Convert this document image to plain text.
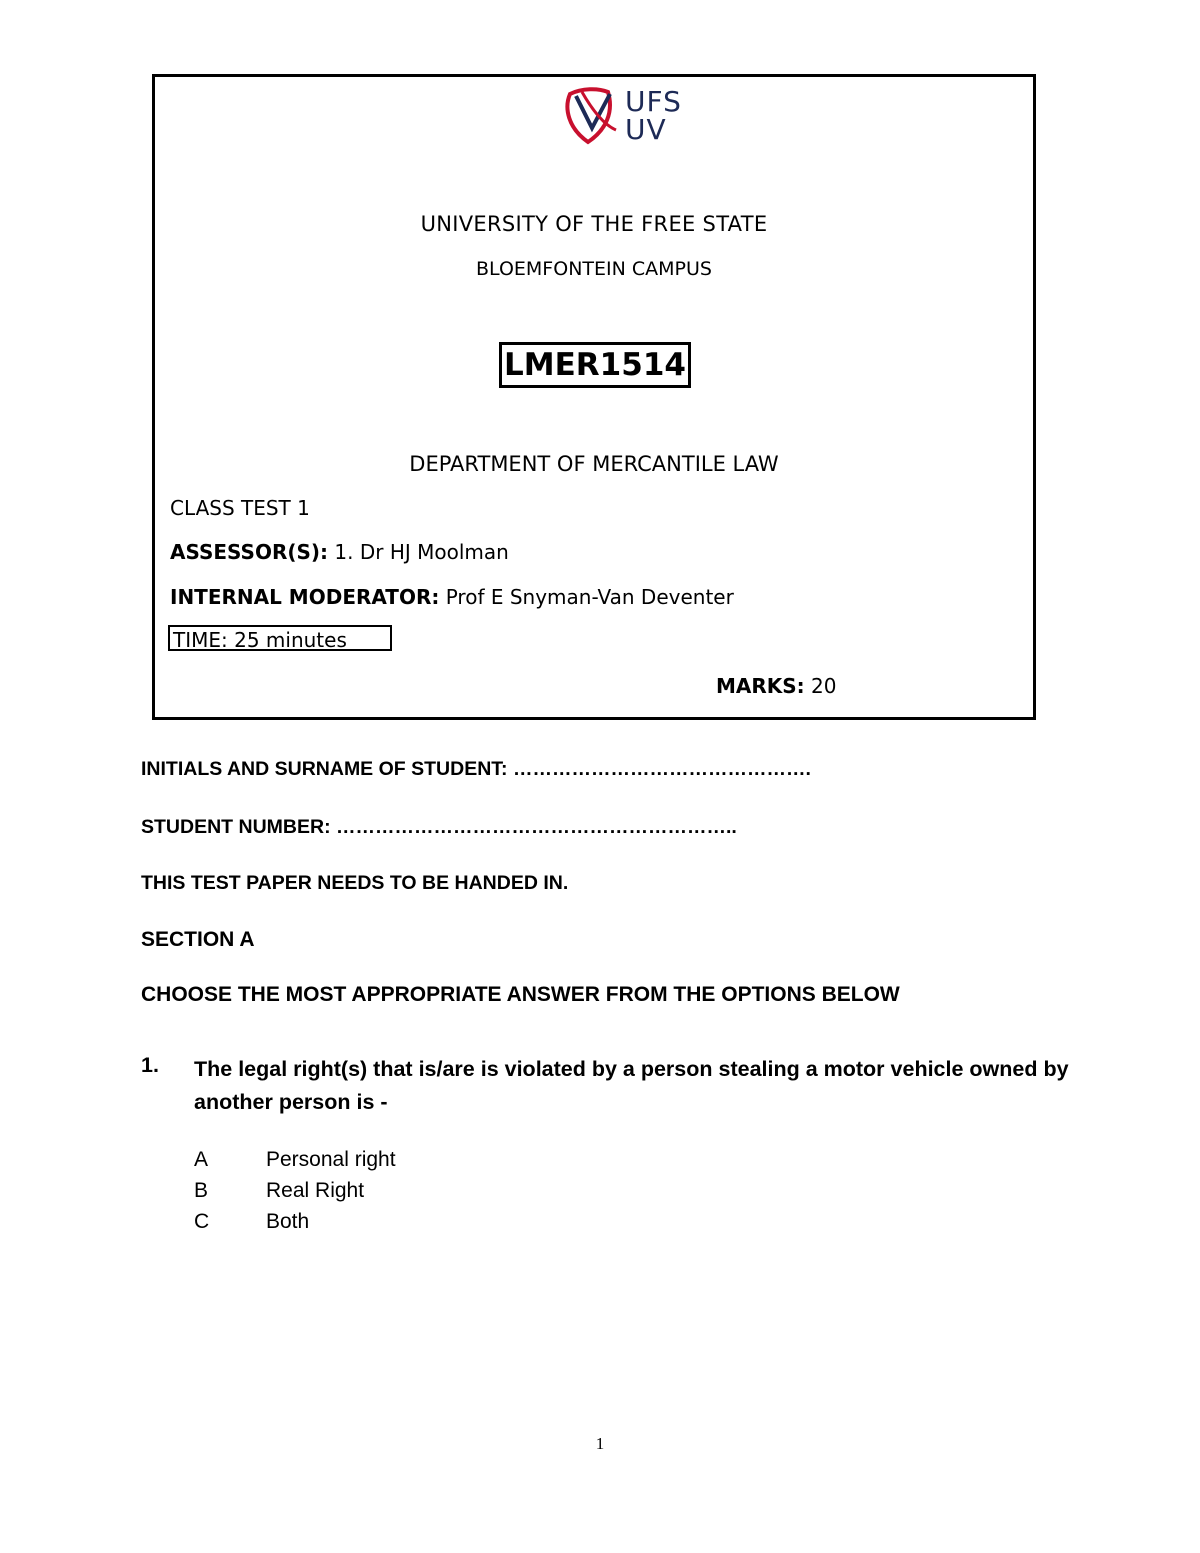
UFS
UV
UNIVERSITY OF THE FREE STATE
BLOEMFONTEIN CAMPUS
LMER1514
DEPARTMENT OF MERCANTILE LAW
CLASS TEST 1
ASSESSOR(S): 1. Dr HJ Moolman
INTERNAL MODERATOR: Prof E Snyman-Van Deventer
TIME: 25 minutes
MARKS: 20
INITIALS AND SURNAME OF STUDENT: ……………………………………….
STUDENT NUMBER: ……………………………………………………..
THIS TEST PAPER NEEDS TO BE HANDED IN.
SECTION A
CHOOSE THE MOST APPROPRIATE ANSWER FROM THE OPTIONS BELOW
1. The legal right(s) that is/are is violated by a person stealing a motor vehicle owned by another person is -
A	Personal right
B	Real Right
C	Both
1
